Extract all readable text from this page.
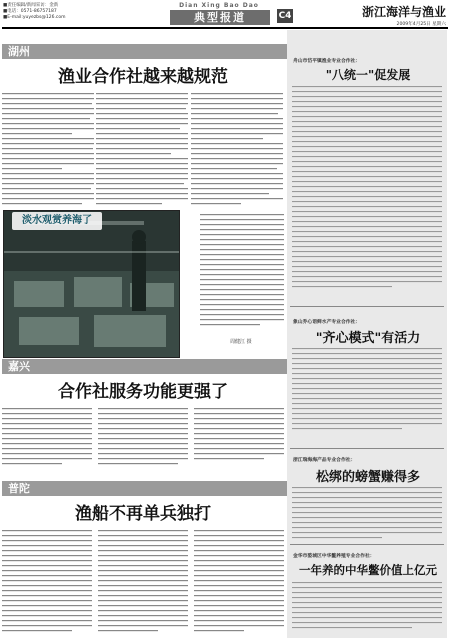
■责任编辑/新闻采访：金新
■电话：0571-86757187
■E-mail:yuyezbs@126.com
Dian Xing Bao Dao
典型报道	C4	浙江海洋与渔业
2009年4月25日 星期六
湖州
渔业合作社越来越规范
淡水观赏养海了
周健江 摄
嘉兴
合作社服务功能更强了
普陀
渔船不再单兵独打
舟山市岱平镇渔业专业合作社：
"八统一"促发展
象山乔心语鲜水产专业合作社：
"齐心模式"有活力
浙江瑞海海产品专业合作社：
松绑的螃蟹赚得多
金华市婺城区中华鳖养殖专业合作社：
一年养的中华鳖价值上亿元
